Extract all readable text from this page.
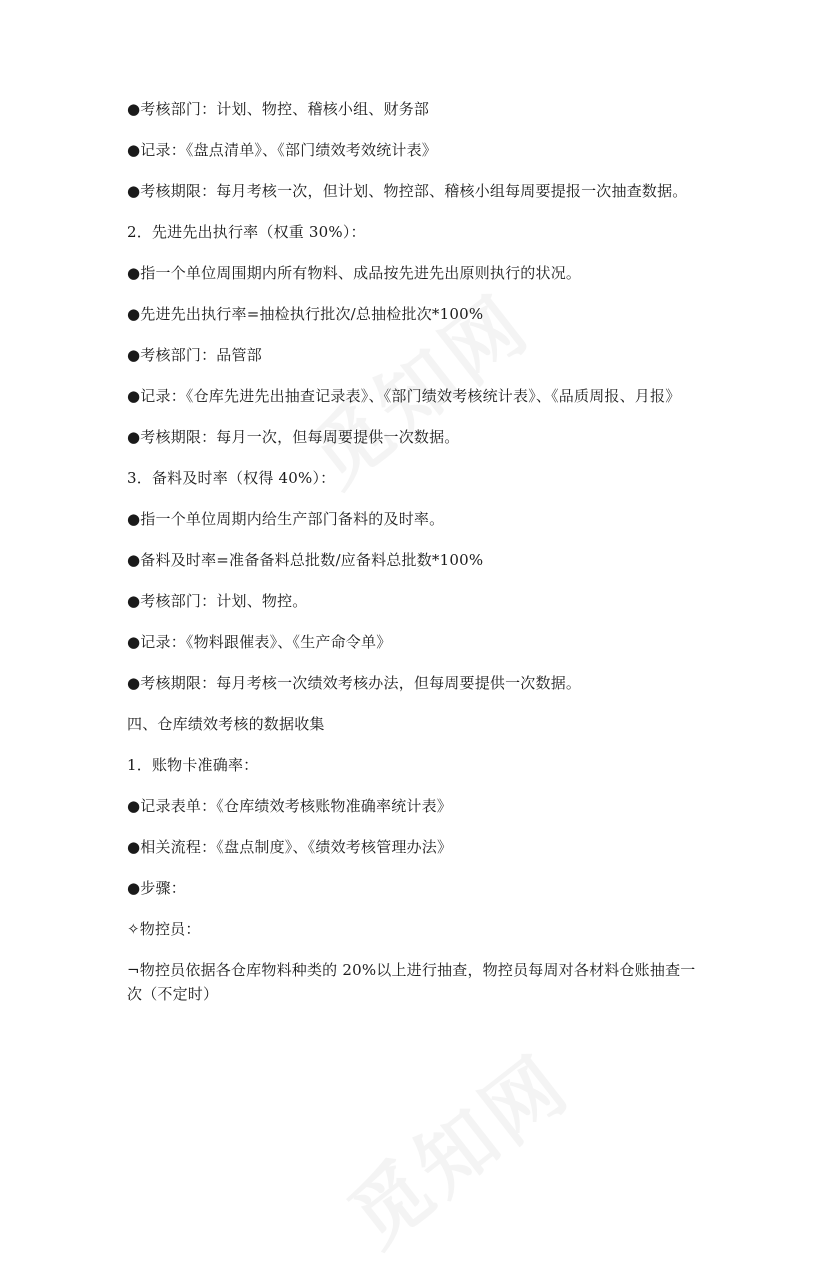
●考核部门：计划、物控、稽核小组、财务部

●记录：《盘点清单》、《部门绩效考效统计表》

●考核期限：每月考核一次，但计划、物控部、稽核小组每周要提报一次抽查数据。

2．先进先出执行率（权重 30%）：

●指一个单位周围期内所有物料、成品按先进先出原则执行的状况。

●先进先出执行率=抽检执行批次/总抽检批次*100%

●考核部门：品管部

●记录：《仓库先进先出抽查记录表》、《部门绩效考核统计表》、《品质周报、月报》

●考核期限：每月一次，但每周要提供一次数据。

3．备料及时率（权得 40%）：

●指一个单位周期内给生产部门备料的及时率。

●备料及时率=准备备料总批数/应备料总批数*100%

●考核部门：计划、物控。

●记录：《物料跟催表》、《生产命令单》

●考核期限：每月考核一次绩效考核办法，但每周要提供一次数据。

四、仓库绩效考核的数据收集

1．账物卡准确率：

●记录表单：《仓库绩效考核账物准确率统计表》

●相关流程：《盘点制度》、《绩效考核管理办法》

●步骤：

✧物控员：

¬物控员依据各仓库物料种类的 20%以上进行抽查，物控员每周对各材料仓账抽查一次（不定时）
